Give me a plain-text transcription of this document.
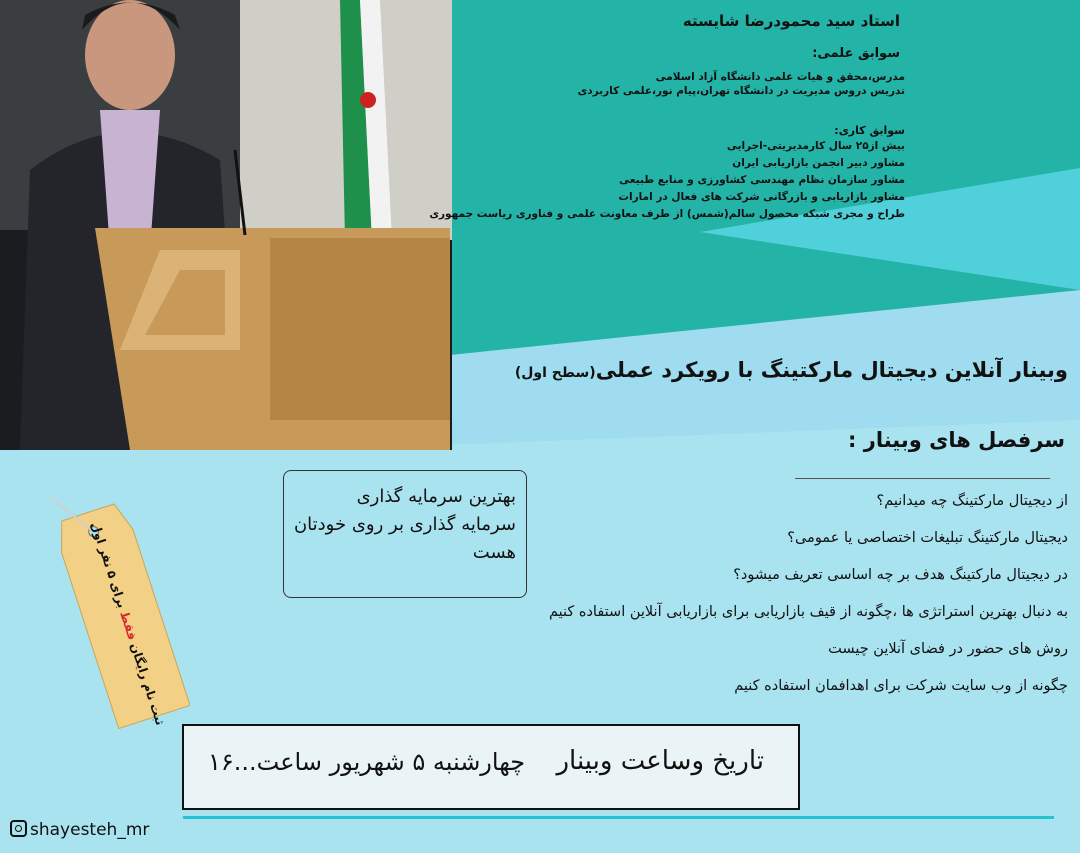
استاد سید محمودرضا شایسته
سوابق علمی:
مدرس،محقق و هیات علمی دانشگاه آزاد اسلامی
تدریس دروس مدیریت در دانشگاه تهران،پیام نور،علمی کاربردی
سوابق کاری:
بیش از۲۵ سال کارمدیریتی-اجرایی
مشاور دبیر انجمن بازاریابی ایران
مشاور سازمان نظام مهندسی کشاورزی و منابع طبیعی
مشاور بازاریابی و بازرگانی شرکت های فعال در امارات
طراح و مجری شبکه محصول سالم(شمس) از طرف معاونت علمی و فناوری ریاست جمهوری
وبینار آنلاین دیجیتال مارکتینگ با رویکرد عملی(سطح اول)
سرفصل های وبینار :
از دیجیتال مارکتینگ چه میدانیم؟
دیجیتال مارکتینگ تبلیغات اختصاصی یا عمومی؟
در دیجیتال مارکتینگ هدف بر چه اساسی تعریف میشود؟
به دنبال بهترین استراتژی ها ،چگونه از قیف بازاریابی برای بازاریابی آنلاین استفاده کنیم
روش های حضور در فضای آنلاین چیست
چگونه از وب سایت شرکت برای اهدافمان استفاده کنیم
بهترین سرمایه گذاری
سرمایه گذاری بر روی خودتان
هست
ثبت نام رایگان فقط برای ۵ نفر اول
تاریخ وساعت وبینار
چهارشنبه ۵ شهریور ساعت...۱۶
shayesteh_mr
